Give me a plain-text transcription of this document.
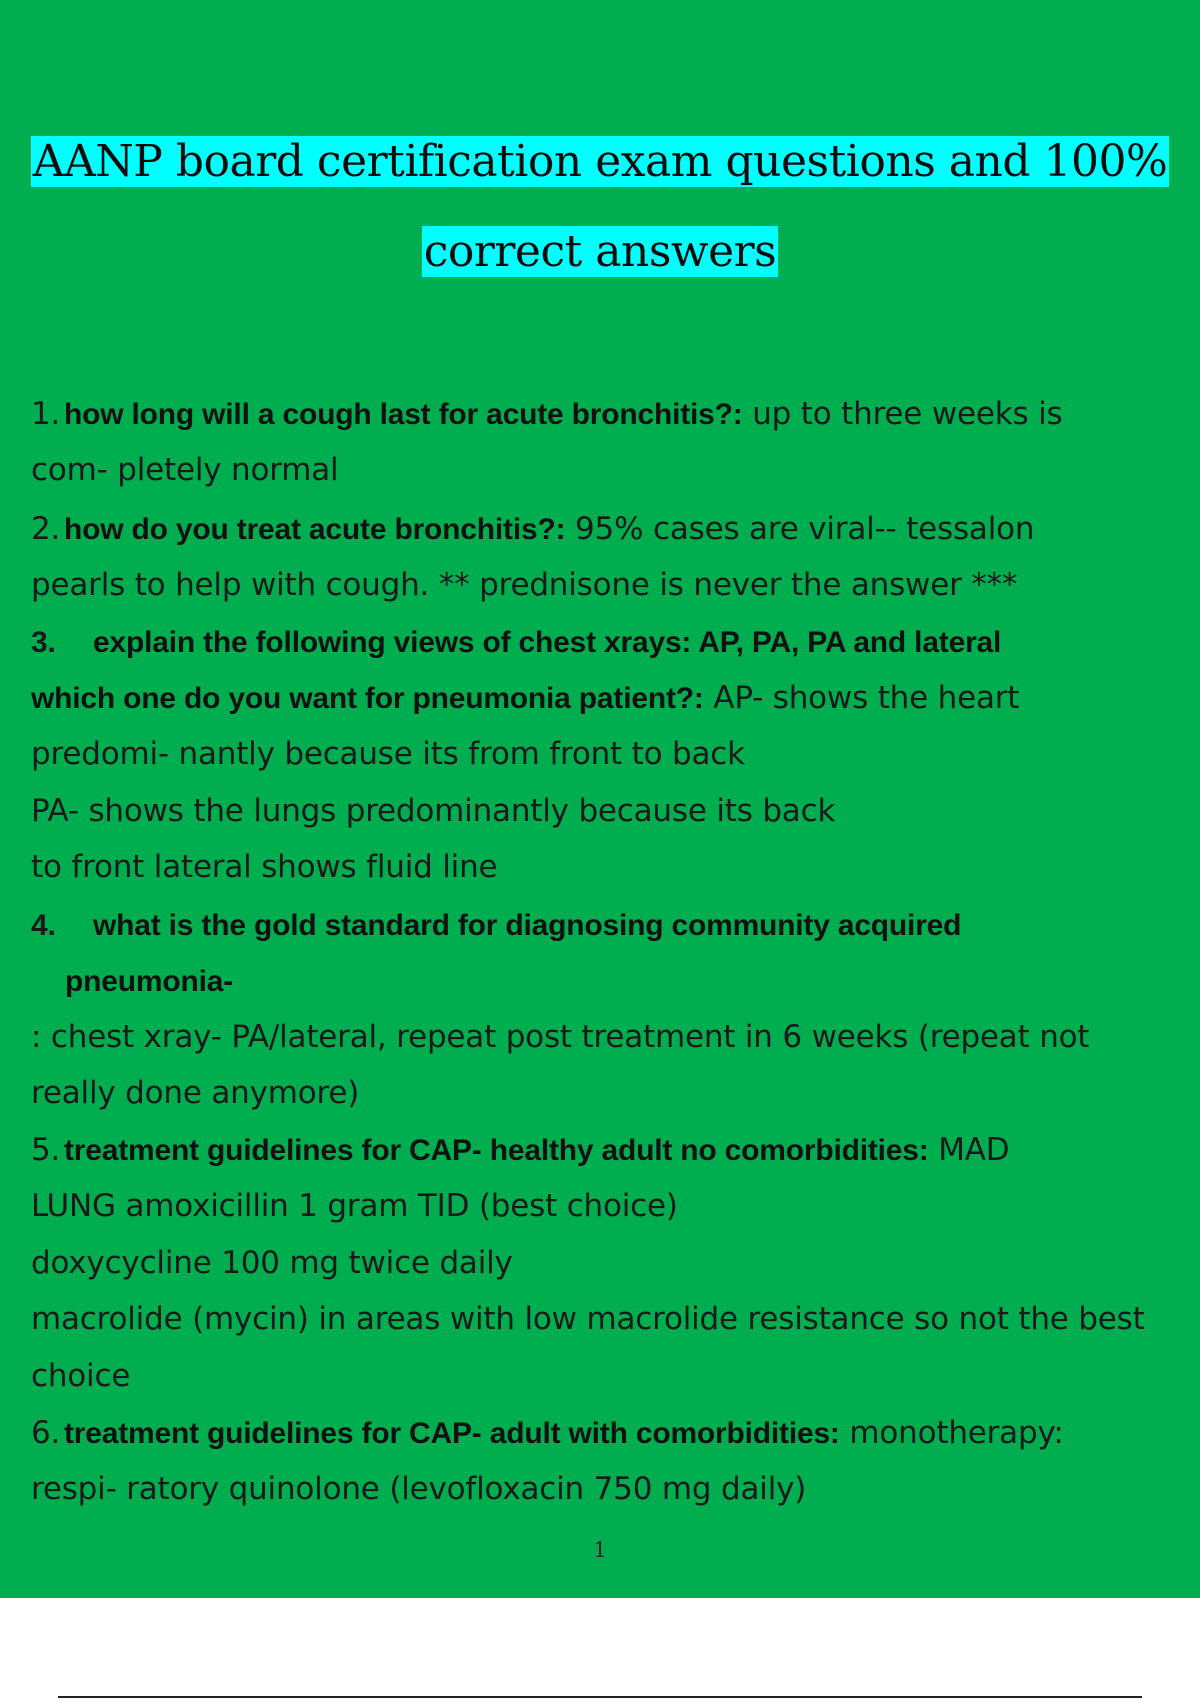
AANP board certification exam questions and 100%
correct answers
1. how long will a cough last for acute bronchitis?: up to three weeks is
com- pletely normal
2. how do you treat acute bronchitis?: 95% cases are viral-- tessalon
pearls to help with cough. ** prednisone is never the answer ***
3. explain the following views of chest xrays: AP, PA, PA and lateral
which one do you want for pneumonia patient?: AP- shows the heart
predomi- nantly because its from front to back
PA- shows the lungs predominantly because its back
to front lateral shows fluid line
4. what is the gold standard for diagnosing community acquired
pneumonia-
: chest xray- PA/lateral, repeat post treatment in 6 weeks (repeat not
really done anymore)
5. treatment guidelines for CAP- healthy adult no comorbidities: MAD
LUNG amoxicillin 1 gram TID (best choice)
doxycycline 100 mg twice daily
macrolide (mycin) in areas with low macrolide resistance so not the best
choice
6. treatment guidelines for CAP- adult with comorbidities: monotherapy:
respi- ratory quinolone (levofloxacin 750 mg daily)
1
